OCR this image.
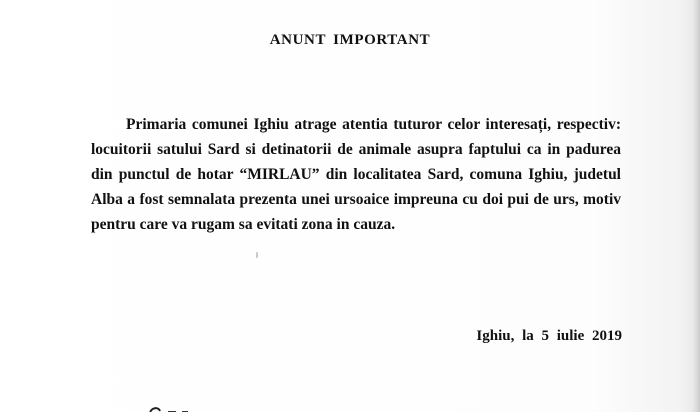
ANUNT IMPORTANT
Primaria comunei Ighiu atrage atentia tuturor celor interesați, respectiv: locuitorii satului Sard si detinatorii de animale asupra faptului ca in padurea din punctul de hotar “MIRLAU” din localitatea Sard, comuna Ighiu, judetul Alba a fost semnalata prezenta unei ursoaice impreuna cu doi pui de urs, motiv pentru care va rugam sa evitati zona in cauza.
Ighiu, la 5 iulie 2019
